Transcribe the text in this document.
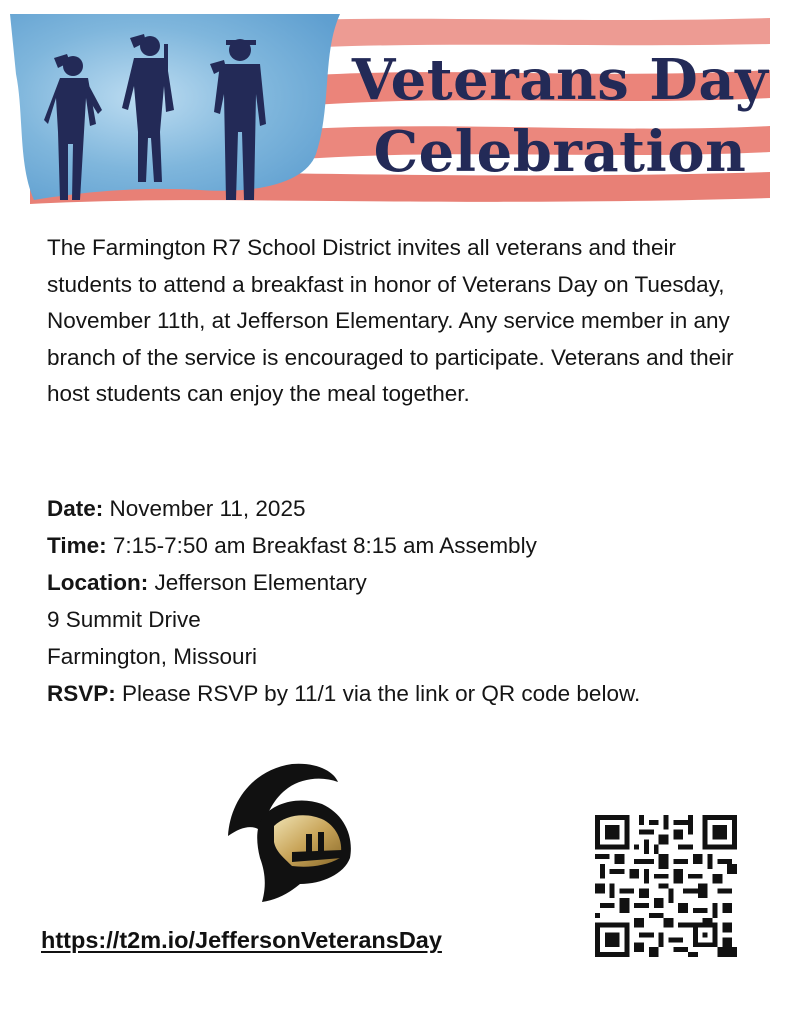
Veterans Day
Celebration
The Farmington R7 School District invites all veterans and their students to attend a breakfast in honor of Veterans Day on Tuesday, November 11th, at Jefferson Elementary. Any service member in any branch of the service is encouraged to participate. Veterans and their host students can enjoy the meal together.
Date: November 11, 2025
Time: 7:15-7:50 am Breakfast 8:15 am Assembly
Location: Jefferson Elementary
9 Summit Drive
Farmington, Missouri
RSVP: Please RSVP by 11/1 via the link or QR code below.
https://t2m.io/JeffersonVeteransDay
